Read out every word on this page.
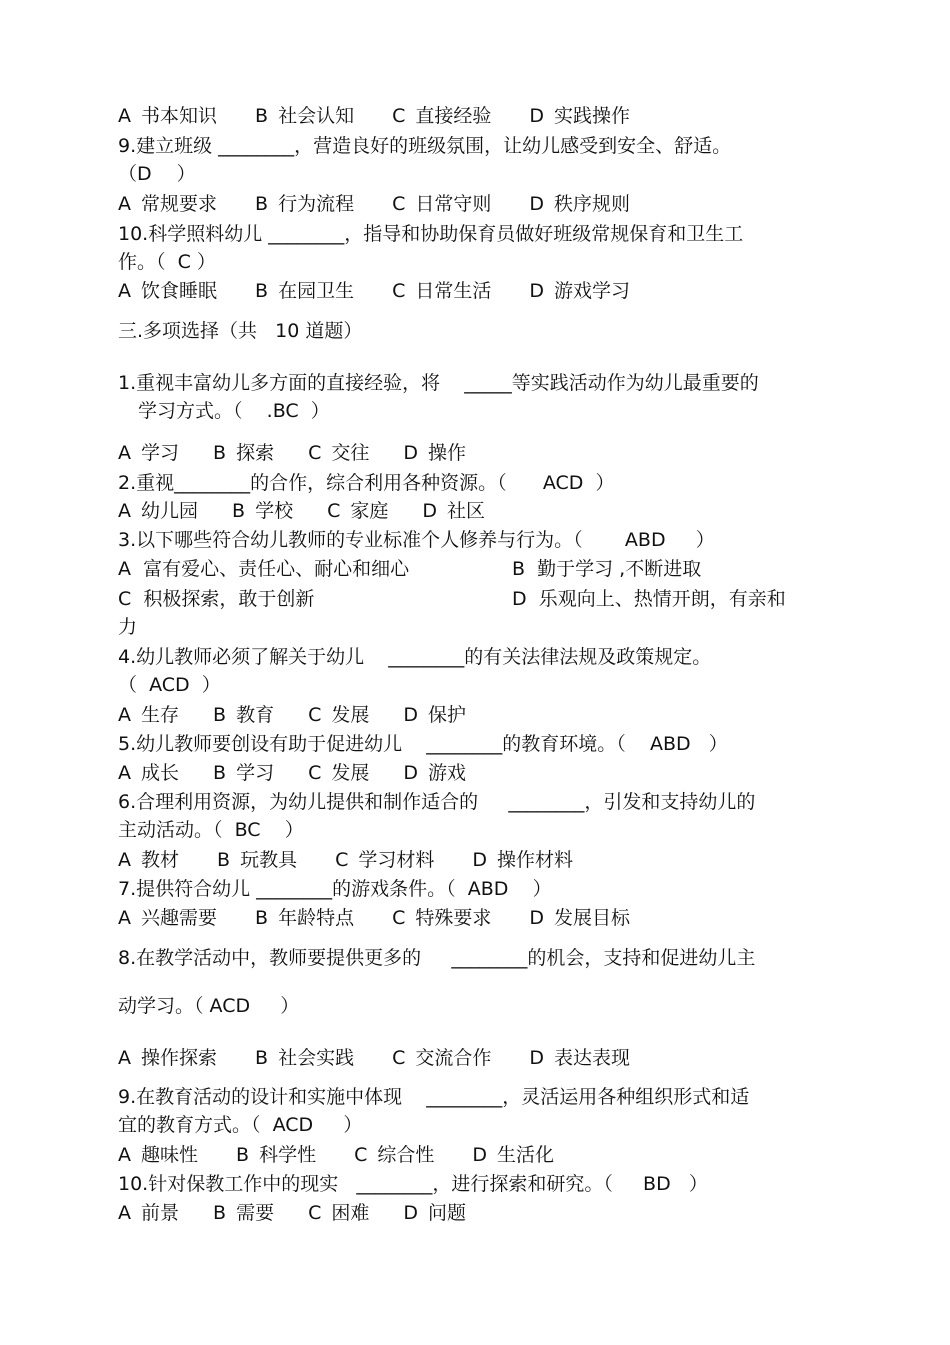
A 书本知识 B 社会认知 C 直接经验 D 实践操作
9.建立班级 ________，营造良好的班级氛围，让幼儿感受到安全、舒适。
（D　 ）
A 常规要求 B 行为流程 C 日常守则 D 秩序规则
10.科学照料幼儿 ________，指导和协助保育员做好班级常规保育和卫生工
作。（  C ）
A 饮食睡眠 B 在园卫生 C 日常生活 D 游戏学习
三.多项选择（共   10 道题）
1.重视丰富幼儿多方面的直接经验，将    _____等实践活动作为幼儿最重要的
学习方式。（    .BC  ）
A 学习 B 探索 C 交往 D 操作
2.重视________的合作，综合利用各种资源。（      ACD  ）
A 幼儿园 B 学校 C 家庭 D 社区
3.以下哪些符合幼儿教师的专业标准个人修养与行为。（       ABD     ）
A  富有爱心、责任心、耐心和细心	B  勤于学习 ,不断进取
C  积极探索，敢于创新	D  乐观向上、热情开朗，有亲和
力
4.幼儿教师必须了解关于幼儿    ________的有关法律法规及政策规定。
（  ACD  ）
A 生存 B 教育 C 发展 D 保护
5.幼儿教师要创设有助于促进幼儿    ________的教育环境。（    ABD   ）
A 成长 B 学习 C 发展 D 游戏
6.合理利用资源，为幼儿提供和制作适合的     ________，引发和支持幼儿的
主动活动。（  BC    ）
A 教材 B 玩教具 C 学习材料 D 操作材料
7.提供符合幼儿 ________的游戏条件。（  ABD    ）
A 兴趣需要 B 年龄特点 C 特殊要求 D 发展目标
8.在教学活动中，教师要提供更多的     ________的机会，支持和促进幼儿主
动学习。（ ACD     ）
A 操作探索 B 社会实践 C 交流合作 D 表达表现
9.在教育活动的设计和实施中体现    ________，灵活运用各种组织形式和适
宜的教育方式。（  ACD     ）
A 趣味性 B 科学性 C 综合性 D 生活化
10.针对保教工作中的现实   ________，进行探索和研究。（     BD   ）
A 前景 B 需要 C 困难 D 问题
